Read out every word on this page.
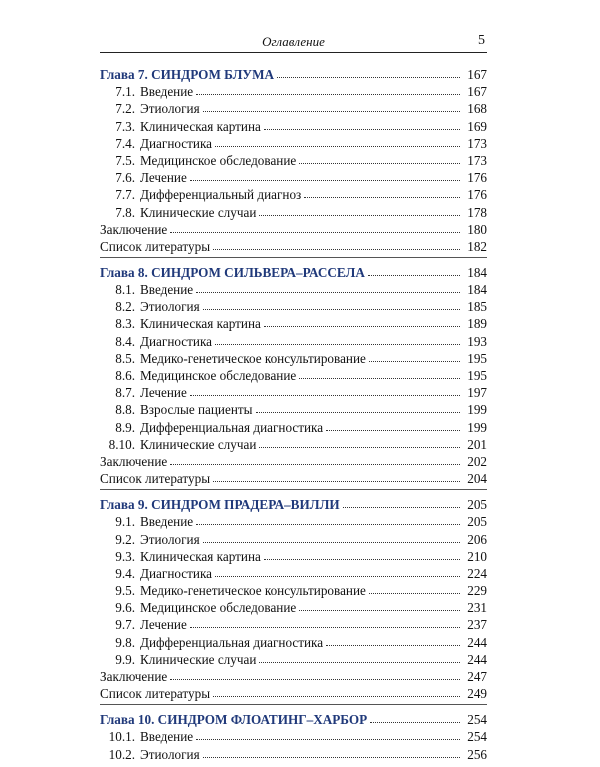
Оглавление	5
Глава 7. СИНДРОМ БЛУМА	167
7.1. Введение	167
7.2. Этиология	168
7.3. Клиническая картина	169
7.4. Диагностика	173
7.5. Медицинское обследование	173
7.6. Лечение	176
7.7. Дифференциальный диагноз	176
7.8. Клинические случаи	178
Заключение	180
Список литературы	182
Глава 8. СИНДРОМ СИЛЬВЕРА–РАССЕЛА	184
8.1. Введение	184
8.2. Этиология	185
8.3. Клиническая картина	189
8.4. Диагностика	193
8.5. Медико-генетическое консультирование	195
8.6. Медицинское обследование	195
8.7. Лечение	197
8.8. Взрослые пациенты	199
8.9. Дифференциальная диагностика	199
8.10. Клинические случаи	201
Заключение	202
Список литературы	204
Глава 9. СИНДРОМ ПРАДЕРА–ВИЛЛИ	205
9.1. Введение	205
9.2. Этиология	206
9.3. Клиническая картина	210
9.4. Диагностика	224
9.5. Медико-генетическое консультирование	229
9.6. Медицинское обследование	231
9.7. Лечение	237
9.8. Дифференциальная диагностика	244
9.9. Клинические случаи	244
Заключение	247
Список литературы	249
Глава 10. СИНДРОМ ФЛОАТИНГ–ХАРБОР	254
10.1. Введение	254
10.2. Этиология	256
